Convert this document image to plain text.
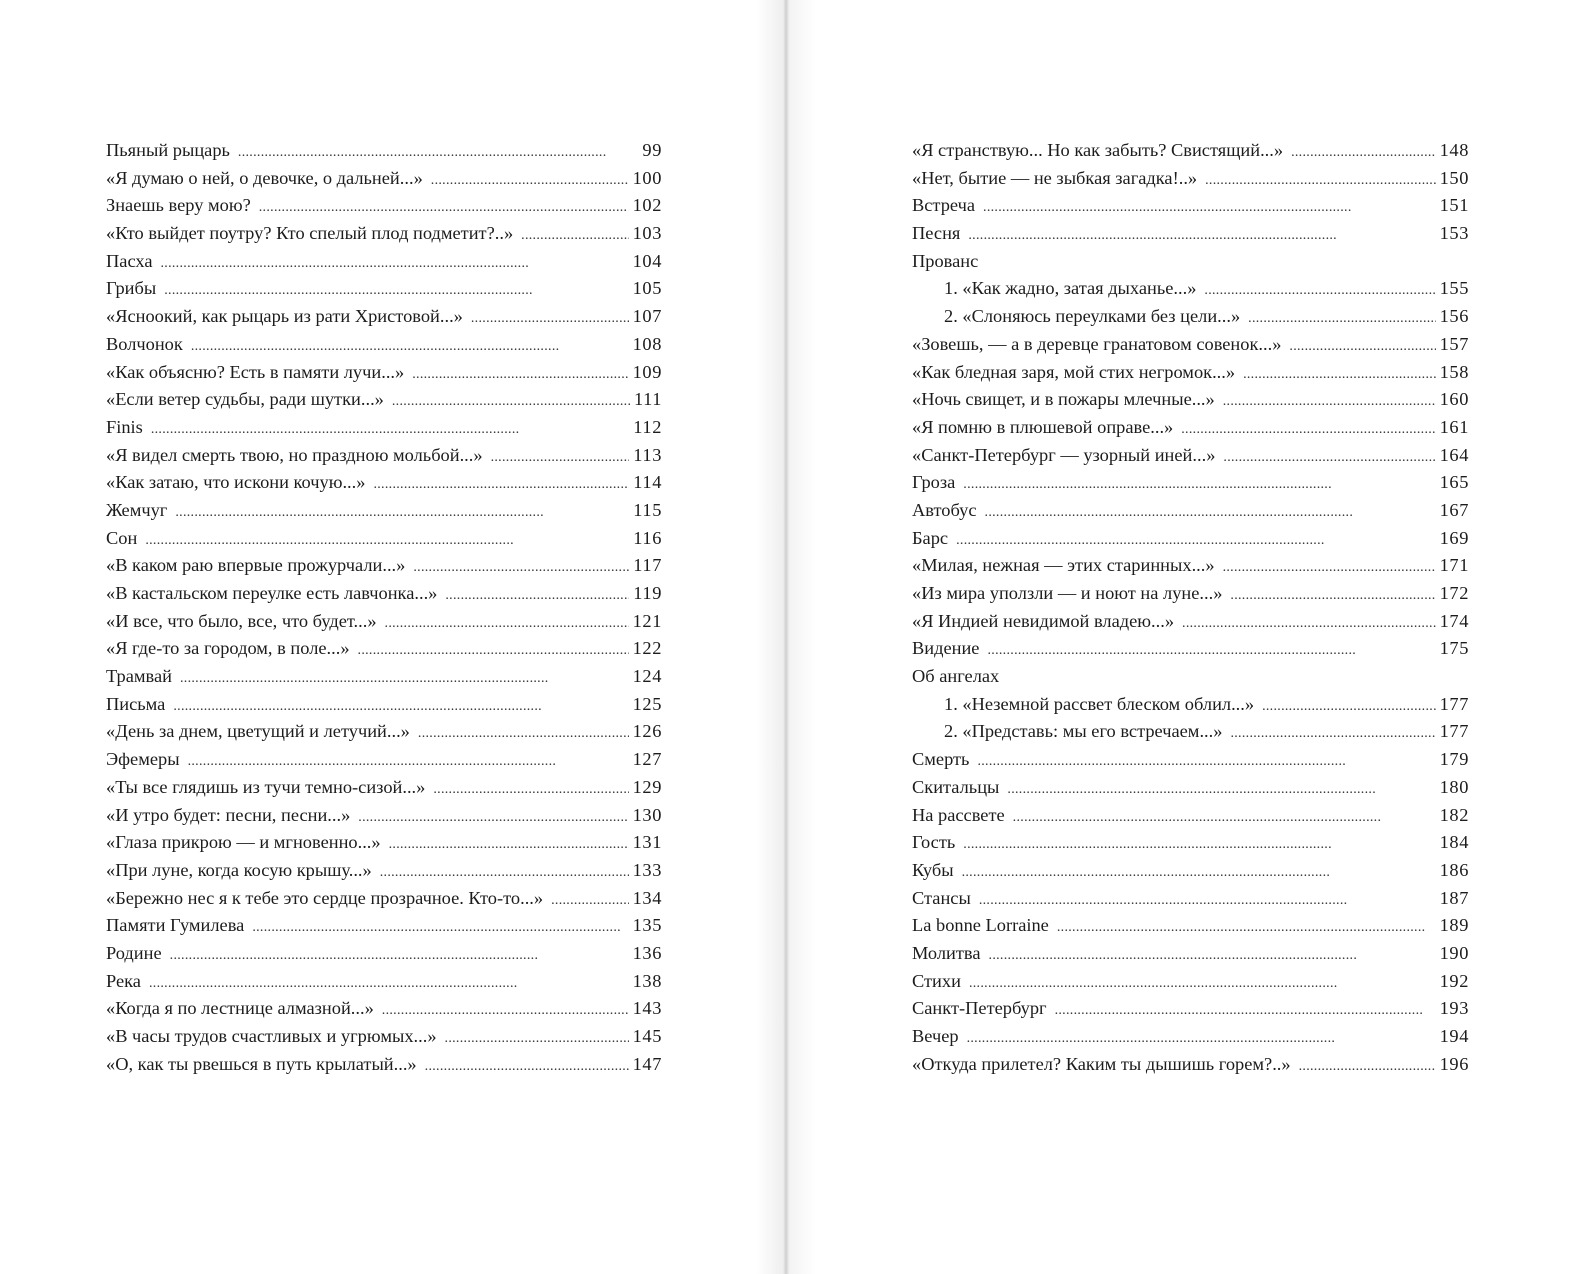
Пьяный рыцарь . . .	99
«Я думаю о ней, о девочке, о дальней...» . . .	100
Знаешь веру мою? . . .	102
«Кто выйдет поутру? Кто спелый плод подметит?..» . . .	103
Пасха . . .	104
Грибы . . .	105
«Ясноокий, как рыцарь из рати Христовой...» . . .	107
Волчонок . . .	108
«Как объясню? Есть в памяти лучи...» . . .	109
«Если ветер судьбы, ради шутки...» . . .	111
Finis . . .	112
«Я видел смерть твою, но праздною мольбой...» . . .	113
«Как затаю, что искони кочую...» . . .	114
Жемчуг . . .	115
Сон . . .	116
«В каком раю впервые прожурчали...» . . .	117
«В кастальском переулке есть лавчонка...» . . .	119
«И все, что было, все, что будет...» . . .	121
«Я где-то за городом, в поле...» . . .	122
Трамвай . . .	124
Письма . . .	125
«День за днем, цветущий и летучий...» . . .	126
Эфемеры . . .	127
«Ты все глядишь из тучи темно-сизой...» . . .	129
«И утро будет: песни, песни...» . . .	130
«Глаза прикрою — и мгновенно...» . . .	131
«При луне, когда косую крышу...» . . .	133
«Бережно нес я к тебе это сердце прозрачное. Кто-то...» . . .	134
Памяти Гумилева . . .	135
Родине . . .	136
Река . . .	138
«Когда я по лестнице алмазной...» . . .	143
«В часы трудов счастливых и угрюмых...» . . .	145
«О, как ты рвешься в путь крылатый...» . . .	147
«Я странствую... Но как забыть? Свистящий...» . . .	148
«Нет, бытие — не зыбкая загадка!..» . . .	150
Встреча . . .	151
Песня . . .	153
Прованс
1. «Как жадно, затая дыханье...» . . .	155
2. «Слоняюсь переулками без цели...» . . .	156
«Зовешь, — а в деревце гранатовом совенок...» . . .	157
«Как бледная заря, мой стих негромок...» . . .	158
«Ночь свищет, и в пожары млечные...» . . .	160
«Я помню в плюшевой оправе...» . . .	161
«Санкт-Петербург — узорный иней...» . . .	164
Гроза . . .	165
Автобус . . .	167
Барс . . .	169
«Милая, нежная — этих старинных...» . . .	171
«Из мира уползли — и ноют на луне...» . . .	172
«Я Индией невидимой владею...» . . .	174
Видение . . .	175
Об ангелах
1. «Неземной рассвет блеском облил...» . . .	177
2. «Представь: мы его встречаем...» . . .	177
Смерть . . .	179
Скитальцы . . .	180
На рассвете . . .	182
Гость . . .	184
Кубы . . .	186
Стансы . . .	187
La bonne Lorraine . . .	189
Молитва . . .	190
Стихи . . .	192
Санкт-Петербург . . .	193
Вечер . . .	194
«Откуда прилетел? Каким ты дышишь горем?..» . . .	196
